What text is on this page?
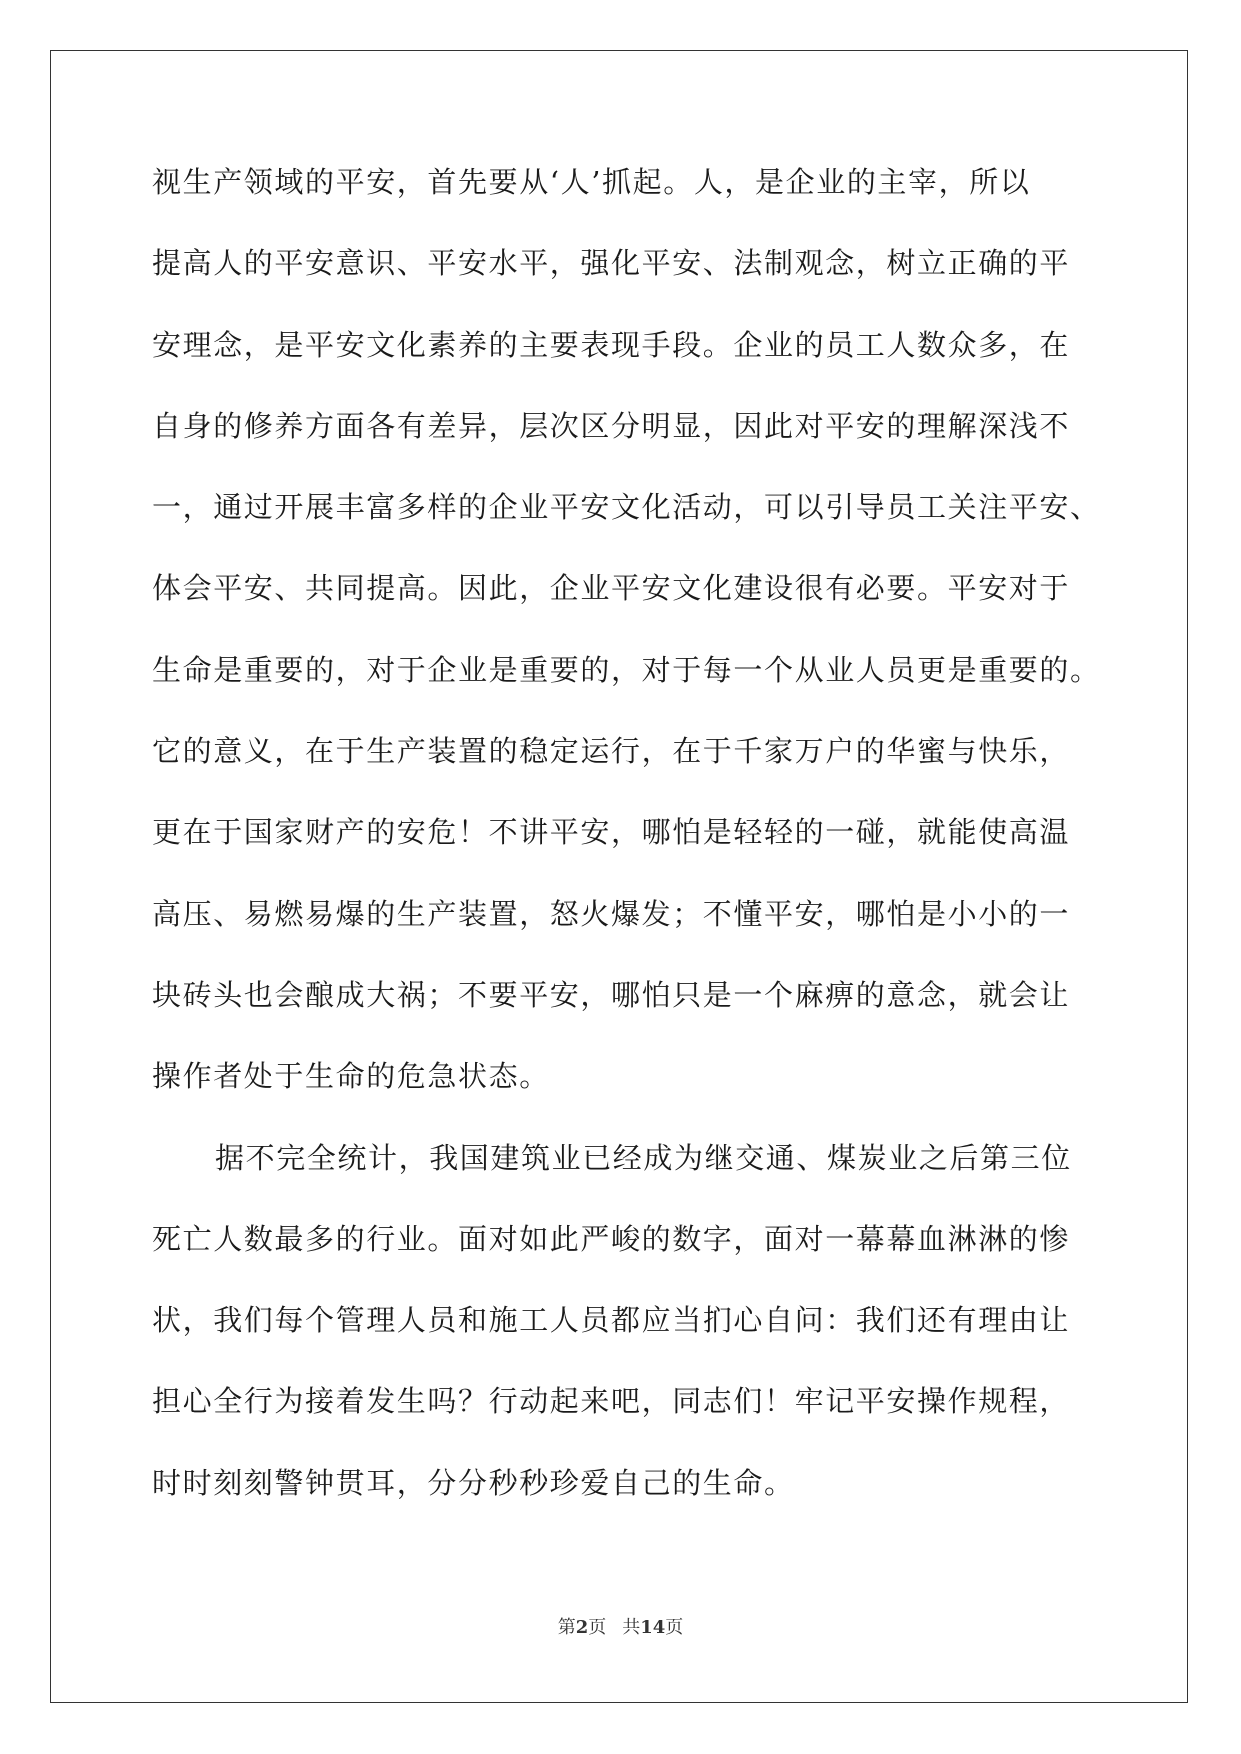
视生产领域的平安，首先要从‘人’抓起。人，是企业的主宰，所以
提高人的平安意识、平安水平，强化平安、法制观念，树立正确的平
安理念，是平安文化素养的主要表现手段。企业的员工人数众多，在
自身的修养方面各有差异，层次区分明显，因此对平安的理解深浅不
一，通过开展丰富多样的企业平安文化活动，可以引导员工关注平安、
体会平安、共同提高。因此，企业平安文化建设很有必要。平安对于
生命是重要的，对于企业是重要的，对于每一个从业人员更是重要的。
它的意义，在于生产装置的稳定运行，在于千家万户的华蜜与快乐，
更在于国家财产的安危！不讲平安，哪怕是轻轻的一碰，就能使高温
高压、易燃易爆的生产装置，怒火爆发；不懂平安，哪怕是小小的一
块砖头也会酿成大祸；不要平安，哪怕只是一个麻痹的意念，就会让
操作者处于生命的危急状态。
据不完全统计，我国建筑业已经成为继交通、煤炭业之后第三位
死亡人数最多的行业。面对如此严峻的数字，面对一幕幕血淋淋的惨
状，我们每个管理人员和施工人员都应当扪心自问：我们还有理由让
担心全行为接着发生吗？行动起来吧，同志们！牢记平安操作规程，
时时刻刻警钟贯耳，分分秒秒珍爱自己的生命。
第2页 共14页
